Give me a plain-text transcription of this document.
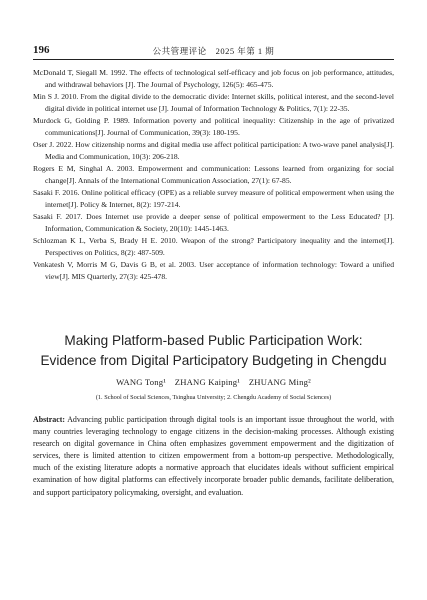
196	公共管理评论　2025 年第 1 期
McDonald T, Siegall M. 1992. The effects of technological self-efficacy and job focus on job performance, attitudes, and withdrawal behaviors [J]. The Journal of Psychology, 126(5): 465-475.
Min S J. 2010. From the digital divide to the democratic divide: Internet skills, political interest, and the second-level digital divide in political internet use [J]. Journal of Information Technology & Politics, 7(1): 22-35.
Murdock G, Golding P. 1989. Information poverty and political inequality: Citizenship in the age of privatized communications[J]. Journal of Communication, 39(3): 180-195.
Oser J. 2022. How citizenship norms and digital media use affect political participation: A two-wave panel analysis[J]. Media and Communication, 10(3): 206-218.
Rogers E M, Singhal A. 2003. Empowerment and communication: Lessons learned from organizing for social change[J]. Annals of the International Communication Association, 27(1): 67-85.
Sasaki F. 2016. Online political efficacy (OPE) as a reliable survey measure of political empowerment when using the internet[J]. Policy & Internet, 8(2): 197-214.
Sasaki F. 2017. Does Internet use provide a deeper sense of political empowerment to the Less Educated? [J]. Information, Communication & Society, 20(10): 1445-1463.
Schlozman K L, Verba S, Brady H E. 2010. Weapon of the strong? Participatory inequality and the internet[J]. Perspectives on Politics, 8(2): 487-509.
Venkatesh V, Morris M G, Davis G B, et al. 2003. User acceptance of information technology: Toward a unified view[J]. MIS Quarterly, 27(3): 425-478.
Making Platform-based Public Participation Work:
Evidence from Digital Participatory Budgeting in Chengdu
WANG Tong¹　ZHANG Kaiping¹　ZHUANG Ming²
(1. School of Social Sciences, Tsinghua University; 2. Chengdu Academy of Social Sciences)
Abstract: Advancing public participation through digital tools is an important issue throughout the world, with many countries leveraging technology to engage citizens in the decision-making processes. Although existing research on digital governance in China often emphasizes government empowerment and the digitization of services, there is limited attention to citizen empowerment from a bottom-up perspective. Methodologically, much of the existing literature adopts a normative approach that elucidates ideals without sufficient empirical examination of how digital platforms can effectively incorporate broader public demands, facilitate deliberation, and support participatory policymaking, oversight, and evaluation.
